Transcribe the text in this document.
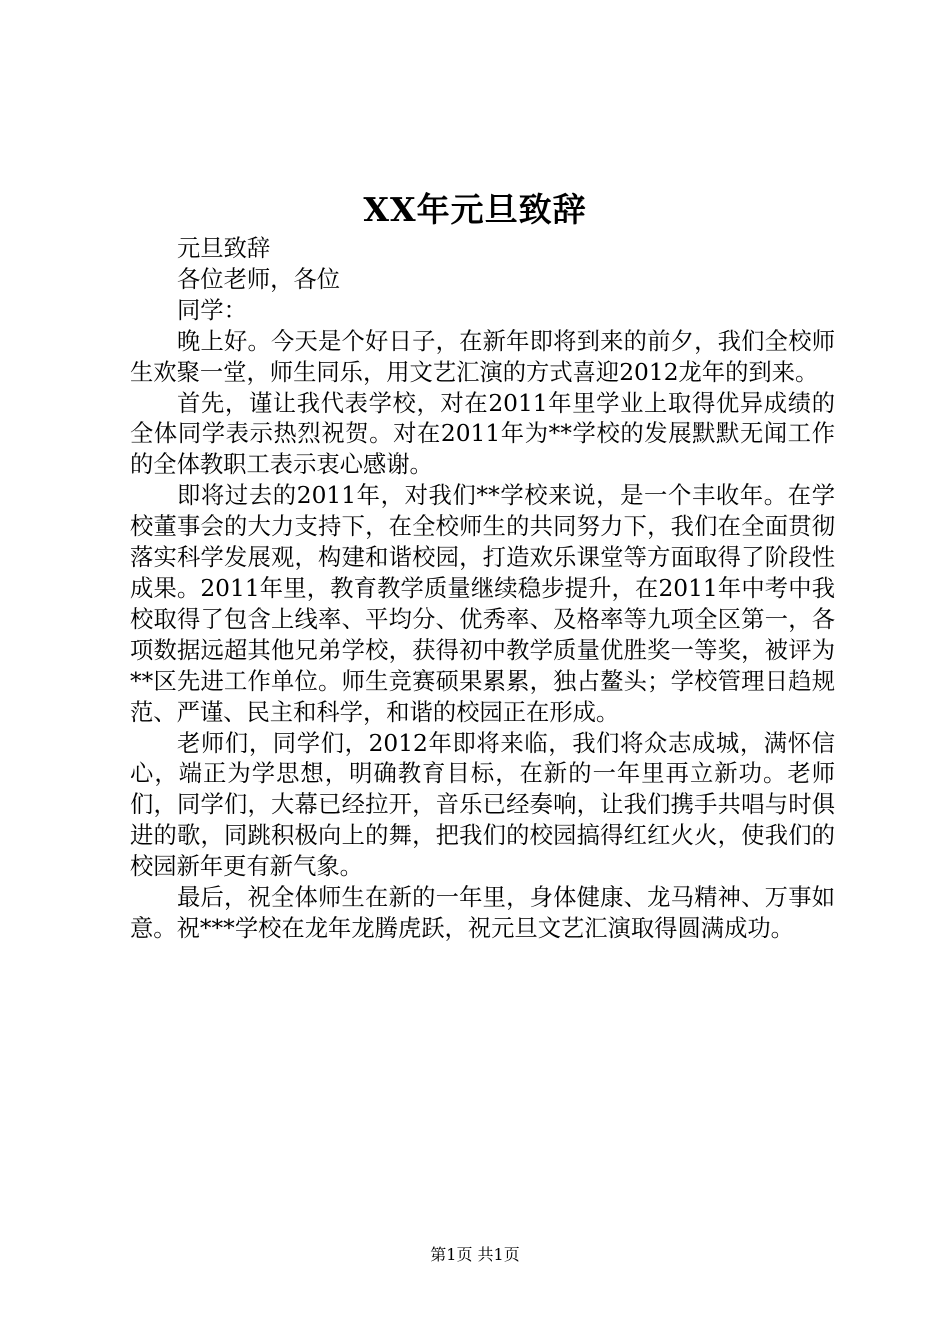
XX年元旦致辞

元旦致辞

各位老师，各位

同学：

晚上好。今天是个好日子，在新年即将到来的前夕，我们全校师生欢聚一堂，师生同乐，用文艺汇演的方式喜迎2012龙年的到来。

首先，谨让我代表学校，对在2011年里学业上取得优异成绩的全体同学表示热烈祝贺。对在2011年为**学校的发展默默无闻工作的全体教职工表示衷心感谢。

即将过去的2011年，对我们**学校来说，是一个丰收年。在学校董事会的大力支持下，在全校师生的共同努力下，我们在全面贯彻落实科学发展观，构建和谐校园，打造欢乐课堂等方面取得了阶段性成果。2011年里，教育教学质量继续稳步提升，在2011年中考中我校取得了包含上线率、平均分、优秀率、及格率等九项全区第一，各项数据远超其他兄弟学校，获得初中教学质量优胜奖一等奖，被评为**区先进工作单位。师生竞赛硕果累累，独占鳌头；学校管理日趋规范、严谨、民主和科学，和谐的校园正在形成。

老师们，同学们，2012年即将来临，我们将众志成城，满怀信心，端正为学思想，明确教育目标，在新的一年里再立新功。老师们，同学们，大幕已经拉开，音乐已经奏响，让我们携手共唱与时俱进的歌，同跳积极向上的舞，把我们的校园搞得红红火火，使我们的校园新年更有新气象。

最后，祝全体师生在新的一年里，身体健康、龙马精神、万事如意。祝***学校在龙年龙腾虎跃，祝元旦文艺汇演取得圆满成功。

第1页 共1页
